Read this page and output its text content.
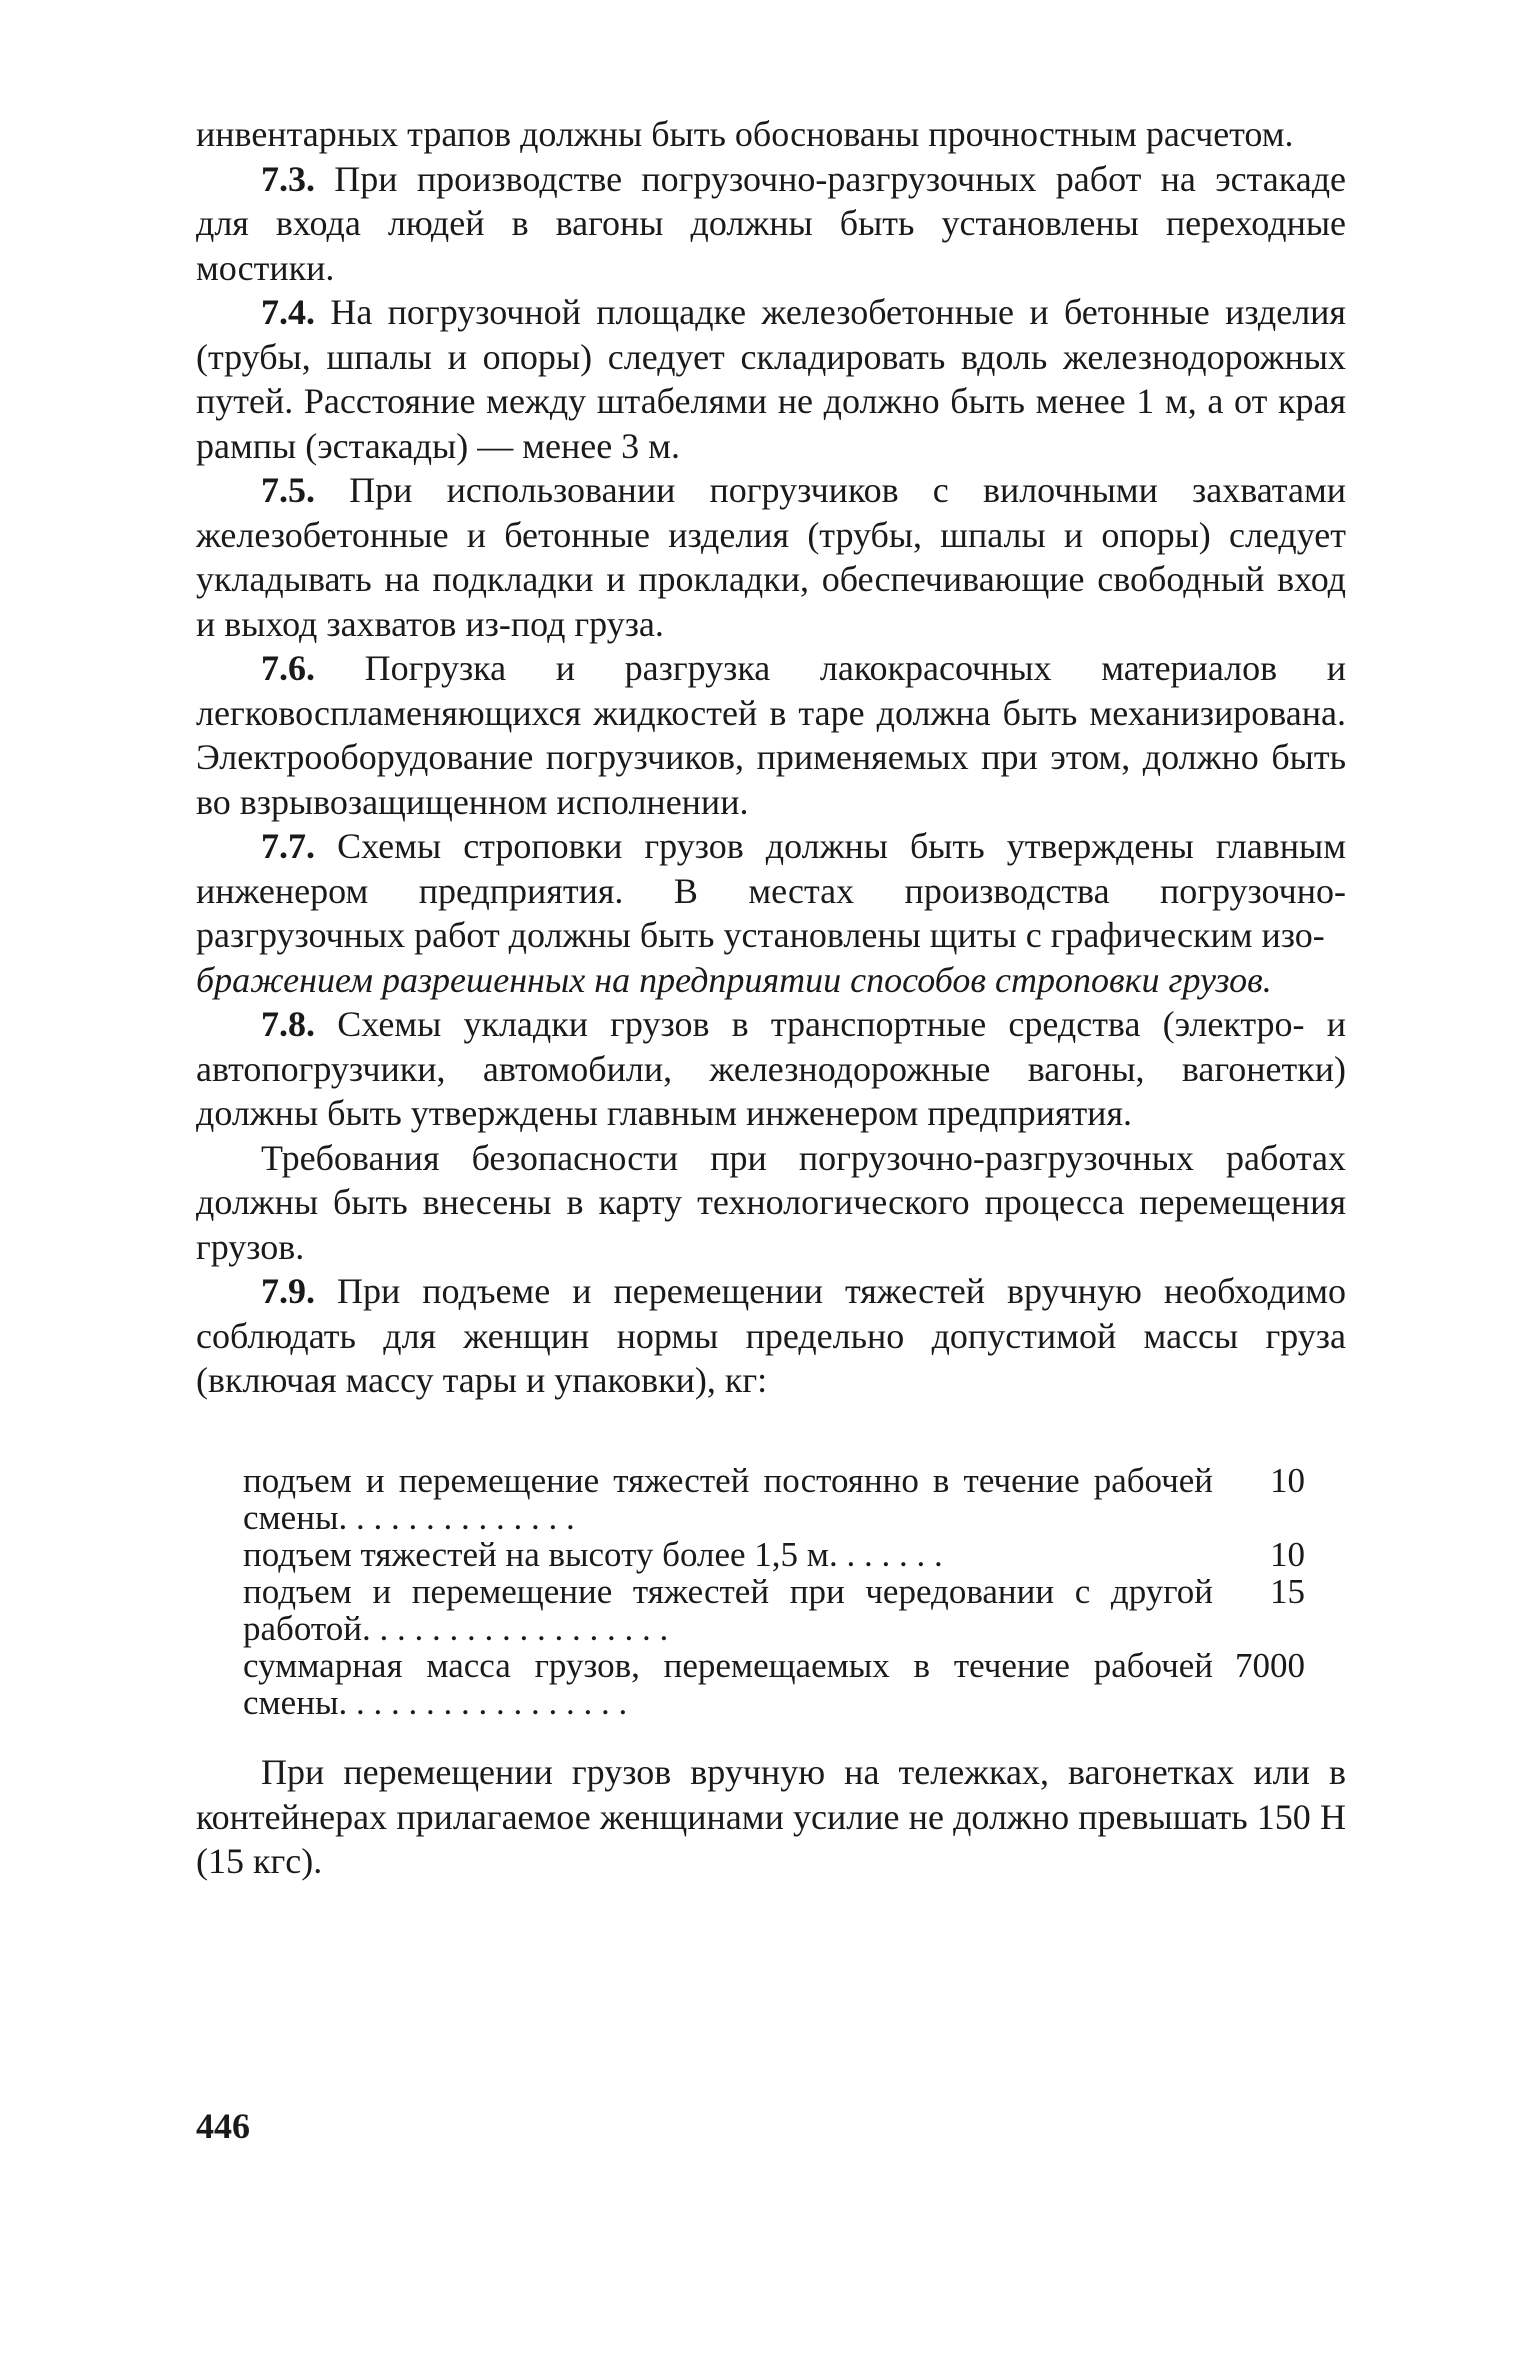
инвентарных трапов должны быть обоснованы прочностным расчетом.

7.3. При производстве погрузочно-разгрузочных работ на эстакаде для входа людей в вагоны должны быть установлены переходные мостики.

7.4. На погрузочной площадке железобетонные и бетонные изделия (трубы, шпалы и опоры) следует складировать вдоль железнодорожных путей. Расстояние между штабелями не должно быть менее 1 м, а от края рампы (эстакады) — менее 3 м.

7.5. При использовании погрузчиков с вилочными захватами железобетонные и бетонные изделия (трубы, шпалы и опоры) следует укладывать на подкладки и прокладки, обеспечивающие свободный вход и выход захватов из-под груза.

7.6. Погрузка и разгрузка лакокрасочных материалов и легковоспламеняющихся жидкостей в таре должна быть механизирована. Электрооборудование погрузчиков, применяемых при этом, должно быть во взрывозащищенном исполнении.

7.7. Схемы строповки грузов должны быть утверждены главным инженером предприятия. В местах производства погрузочно-разгрузочных работ должны быть установлены щиты с графическим изо-

бражением разрешенных на предприятии способов строповки грузов.

7.8. Схемы укладки грузов в транспортные средства (электро- и автопогрузчики, автомобили, железнодорожные вагоны, вагонетки) должны быть утверждены главным инженером предприятия.

Требования безопасности при погрузочно-разгрузочных работах должны быть внесены в карту технологического процесса перемещения грузов.

7.9. При подъеме и перемещении тяжестей вручную необходимо соблюдать для женщин нормы предельно допустимой массы груза (включая массу тары и упаковки), кг:

подъем и перемещение тяжестей постоянно в течение рабочей смены. . . . . . . . . . . . . .
10
подъем тяжестей на высоту более 1,5 м. . . . . . .	10
подъем и перемещение тяжестей при чередовании с другой работой. . . . . . . . . . . . . . . . . .
15
суммарная масса грузов, перемещаемых в течение рабочей смены. . . . . . . . . . . . . . . . .
7000

При перемещении грузов вручную на тележках, вагонетках или в контейнерах прилагаемое женщинами усилие не должно превышать 150 Н (15 кгс).

446
